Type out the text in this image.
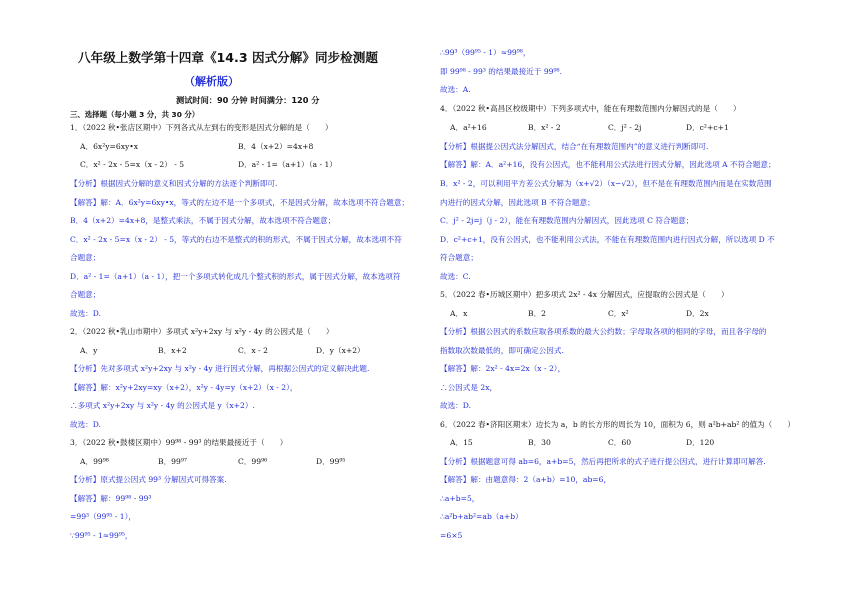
八年级上数学第十四章《14.3 因式分解》同步检测题
（解析版）
测试时间：90 分钟 时间满分：120 分
三、选择题（每小题 3 分，共 30 分）
1．（2022 秋•张店区期中）下列各式从左到右的变形是因式分解的是（　　）
A．6x²y=6xy•x	B．4（x+2）=4x+8
C．x² - 2x - 5=x（x - 2） - 5	D．a² - 1=（a+1）（a - 1）
【分析】根据因式分解的意义和因式分解的方法逐个判断即可.
【解答】解：A．6x²y=6xy•x，等式的左边不是一个多项式，不是因式分解，故本选项不符合题意；
B．4（x+2）=4x+8，是整式乘法，不属于因式分解，故本选项不符合题意；
C．x² - 2x - 5=x（x - 2） - 5，等式的右边不是整式的积的形式，不属于因式分解，故本选项不符
合题意；
D．a² - 1=（a+1）（a - 1），把一个多项式转化成几个整式积的形式，属于因式分解，故本选项符
合题意；
故选：D.
2．（2022 秋•乳山市期中）多项式 x²y+2xy 与 x²y - 4y 的公因式是（　　）
A．y	B．x+2	C．x - 2	D．y（x+2）
【分析】先对多项式 x²y+2xy 与 x²y - 4y 进行因式分解，再根据公因式的定义解决此题.
【解答】解：x²y+2xy=xy（x+2），x²y - 4y=y（x+2）（x - 2），
∴多项式 x²y+2xy 与 x²y - 4y 的公因式是 y（x+2）.
故选：D.
3．（2022 秋•鼓楼区期中）99⁹⁸ - 99³ 的结果最接近于（　　）
A．99⁹⁸	B．99⁹⁷	C．99⁹⁶	D．99⁹⁵
【分析】原式提公因式 99³ 分解因式可得答案.
【解答】解：99⁹⁸ - 99³
=99³（99⁹⁵ - 1），
∵99⁹⁵ - 1≈99⁹⁵，
∴99³（99⁹⁵ - 1）≈99⁹⁸，
即 99⁹⁸ - 99³ 的结果最接近于 99⁹⁸.
故选：A.
4．（2022 秋•高昌区校级期中）下列多项式中，能在有理数范围内分解因式的是（　　）
A．a²+16	B．x² - 2	C．j² - 2j	D．c²+c+1
【分析】根据提公因式法分解因式，结合“在有理数范围内”的意义进行判断即可.
【解答】解：A．a²+16，没有公因式，也不能利用公式法进行因式分解，因此选项 A 不符合题意；
B．x² - 2，可以利用平方差公式分解为（x+√2）（x−√2），但不是在有理数范围内而是在实数范围
内进行的因式分解，因此选项 B 不符合题意；
C．j² - 2j=j（j - 2），能在有理数范围内分解因式，因此选项 C 符合题意；
D．c²+c+1，没有公因式，也不能利用公式法，不能在有理数范围内进行因式分解，所以选项 D 不
符合题意；
故选：C.
5．（2022 春•历城区期中）把多项式 2x² - 4x 分解因式，应提取的公因式是（　　）
A．x	B．2	C．x²	D．2x
【分析】根据公因式的系数应取各项系数的最大公约数；字母取各项的相同的字母，而且各字母的
指数取次数最低的，即可确定公因式.
【解答】解：2x² - 4x=2x（x - 2），
∴公因式是 2x，
故选：D.
6．（2022 春•济阳区期末）边长为 a，b 的长方形的周长为 10，面积为 6，则 a²b+ab² 的值为（　　）
A．15	B．30	C．60	D．120
【分析】根据题意可得 ab=6，a+b=5，然后再把所求的式子进行提公因式，进行计算即可解答.
【解答】解：由题意得：2（a+b）=10，ab=6，
∴a+b=5，
∴a²b+ab²=ab（a+b）
=6×5
